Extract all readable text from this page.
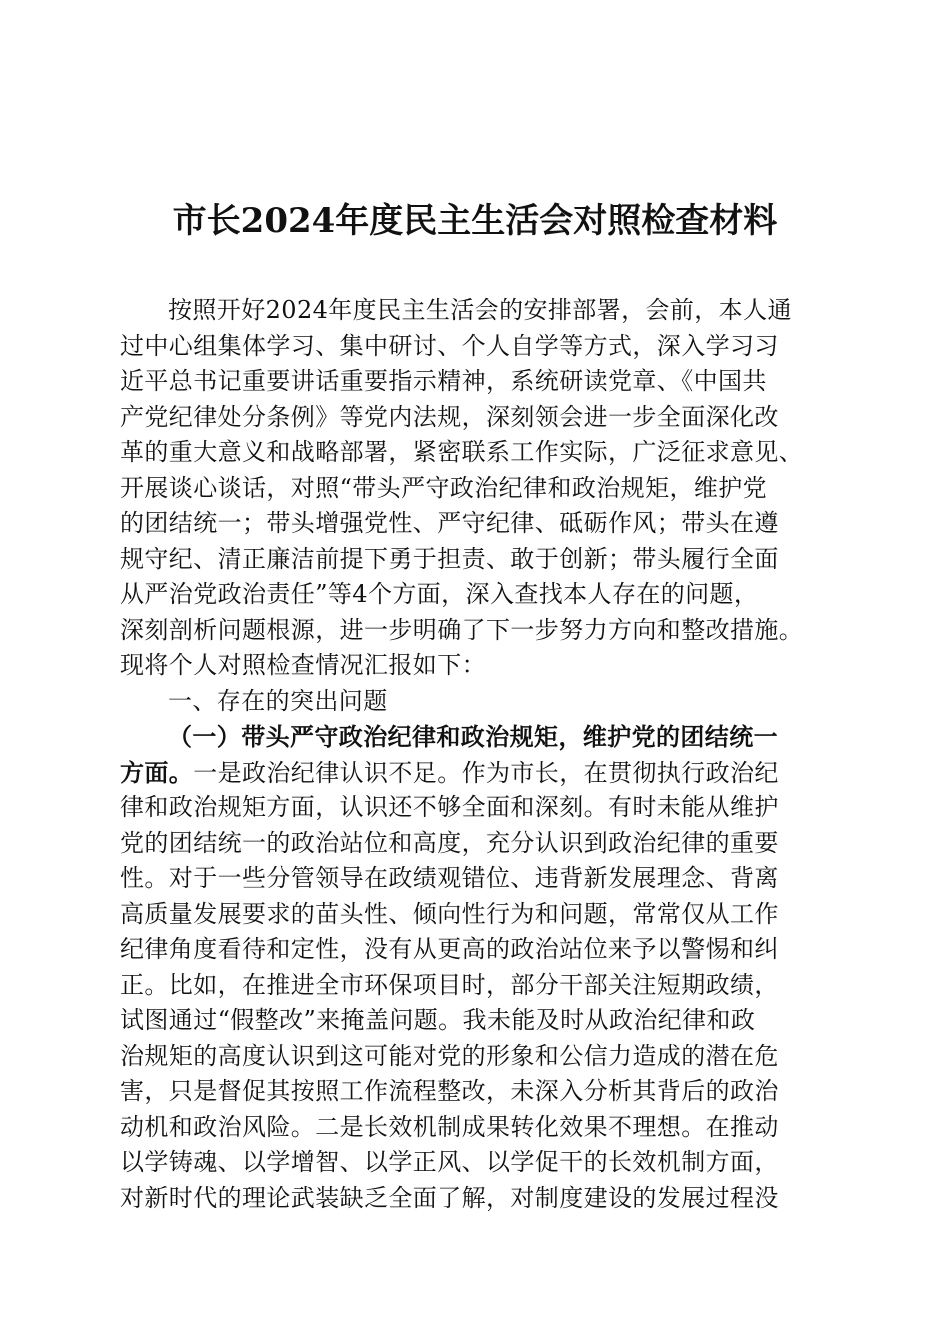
市长2024年度民主生活会对照检查材料
按照开好2024年度民主生活会的安排部署，会前，本人通
过中心组集体学习、集中研讨、个人自学等方式，深入学习习
近平总书记重要讲话重要指示精神，系统研读党章、《中国共
产党纪律处分条例》等党内法规，深刻领会进一步全面深化改
革的重大意义和战略部署，紧密联系工作实际，广泛征求意见、
开展谈心谈话，对照“带头严守政治纪律和政治规矩，维护党
的团结统一；带头增强党性、严守纪律、砥砺作风；带头在遵
规守纪、清正廉洁前提下勇于担责、敢于创新；带头履行全面
从严治党政治责任”等4个方面，深入查找本人存在的问题，
深刻剖析问题根源，进一步明确了下一步努力方向和整改措施。
现将个人对照检查情况汇报如下：
一、存在的突出问题
（一）带头严守政治纪律和政治规矩，维护党的团结统一
方面。一是政治纪律认识不足。作为市长，在贯彻执行政治纪
律和政治规矩方面，认识还不够全面和深刻。有时未能从维护
党的团结统一的政治站位和高度，充分认识到政治纪律的重要
性。对于一些分管领导在政绩观错位、违背新发展理念、背离
高质量发展要求的苗头性、倾向性行为和问题，常常仅从工作
纪律角度看待和定性，没有从更高的政治站位来予以警惕和纠
正。比如，在推进全市环保项目时，部分干部关注短期政绩，
试图通过“假整改”来掩盖问题。我未能及时从政治纪律和政
治规矩的高度认识到这可能对党的形象和公信力造成的潜在危
害，只是督促其按照工作流程整改，未深入分析其背后的政治
动机和政治风险。二是长效机制成果转化效果不理想。在推动
以学铸魂、以学增智、以学正风、以学促干的长效机制方面，
对新时代的理论武装缺乏全面了解，对制度建设的发展过程没
